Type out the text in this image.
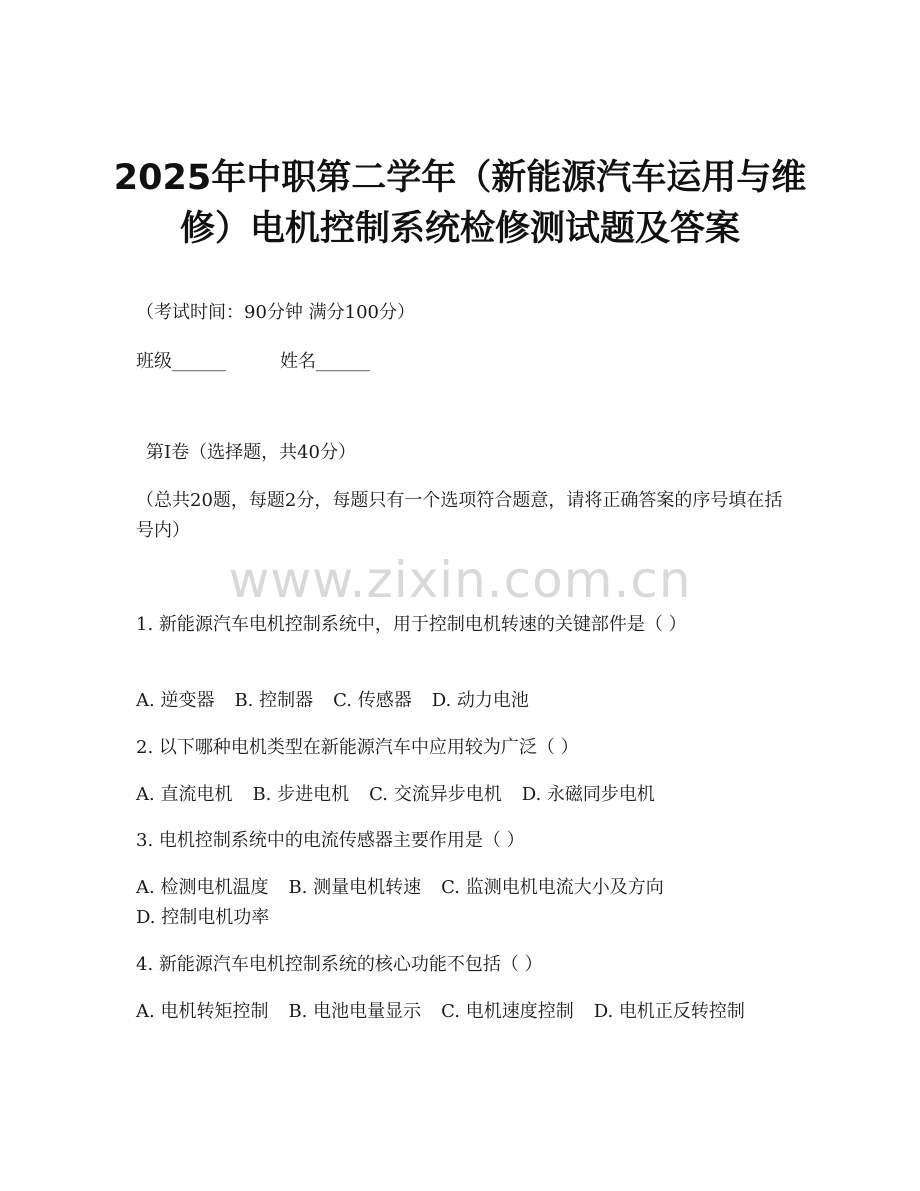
2025年中职第二学年（新能源汽车运用与维
修）电机控制系统检修测试题及答案

（考试时间：90分钟 满分100分）

班级______	姓名______

第Ⅰ卷（选择题，共40分）

（总共20题，每题2分，每题只有一个选项符合题意，请将正确答案的序号填在括号内）

www.zixin.com.cn

1. 新能源汽车电机控制系统中，用于控制电机转速的关键部件是（ ）

A. 逆变器 B. 控制器 C. 传感器 D. 动力电池

2. 以下哪种电机类型在新能源汽车中应用较为广泛（ ）

A. 直流电机 B. 步进电机 C. 交流异步电机 D. 永磁同步电机

3. 电机控制系统中的电流传感器主要作用是（ ）

A. 检测电机温度 B. 测量电机转速 C. 监测电机电流大小及方向D. 控制电机功率

4. 新能源汽车电机控制系统的核心功能不包括（ ）

A. 电机转矩控制 B. 电池电量显示 C. 电机速度控制 D. 电机正反转控制
